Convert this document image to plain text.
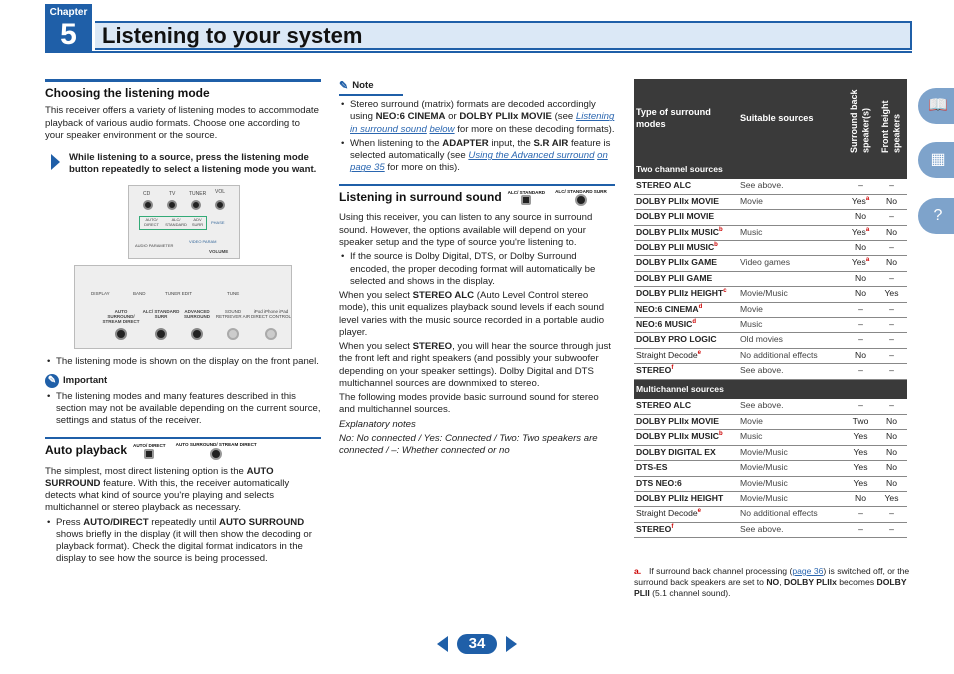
Chapter
5	Listening to your system
Choosing the listening mode

This receiver offers a variety of listening modes to accommodate playback of various audio formats. Choose one according to your speaker environment or the source.

While listening to a source, press the listening mode button repeatedly to select a listening mode you want.

CD	TV	TUNER VOL
AUTO/ DIRECT
ALC/ STANDARD
ADV SURR	PHASE
AUDIO PARAMETER
VIDEO PARAM
VOLUME
DISPLAY	BAND	TUNER EDIT	TUNE
AUTO SURROUND/ STREAM DIRECT
ALC/ STANDARD SURR
ADVANCED SURROUND
SOUND RETRIEVER AIR
iPod iPhone iPad DIRECT CONTROL
• The listening mode is shown on the display on the front panel.
✎ Important
• The listening modes and many features described in this section may not be available depending on the current source, settings and status of the receiver.
Auto playback AUTO/ DIRECT AUTO SURROUND/ STREAM DIRECT

The simplest, most direct listening option is the AUTO SURROUND feature. With this, the receiver automatically detects what kind of source you're playing and selects multichannel or stereo playback as necessary.

• Press AUTO/DIRECT repeatedly until AUTO SURROUND shows briefly in the display (it will then show the decoding or playback format). Check the digital format indicators in the display to see how the source is being processed.
✎ Note
• Stereo surround (matrix) formats are decoded accordingly using NEO:6 CINEMA or DOLBY PLIIx MOVIE (see Listening in surround sound below for more on these decoding formats).
• When listening to the ADAPTER input, the S.R AIR feature is selected automatically (see Using the Advanced surround on page 35 for more on this).
Listening in surround sound ALC/ STANDARD ALC/ STANDARD SURR

Using this receiver, you can listen to any source in surround sound. However, the options available will depend on your speaker setup and the type of source you're listening to.

• If the source is Dolby Digital, DTS, or Dolby Surround encoded, the proper decoding format will automatically be selected and shows in the display.

When you select STEREO ALC (Auto Level Control stereo mode), this unit equalizes playback sound levels if each sound level varies with the music source recorded in a portable audio player.

When you select STEREO, you will hear the source through just the front left and right speakers (and possibly your subwoofer depending on your speaker settings). Dolby Digital and DTS multichannel sources are downmixed to stereo.

The following modes provide basic surround sound for stereo and multichannel sources.

Explanatory notes

No: No connected / Yes: Connected / Two: Two speakers are connected / –: Whether connected or no

Type of surround modes	Suitable sources	Surround back speaker(s)	Front height speakers
Two channel sources			
STEREO ALC	See above.	–	–
DOLBY PLIIx MOVIE	Movie	Yes$^a$	No
DOLBY PLII MOVIE		No	–
DOLBY PLIIx MUSIC$^b$	Music	Yes$^a$	No
DOLBY PLII MUSIC$^b$		No	–
DOLBY PLIIx GAME	Video games	Yes$^a$	No
DOLBY PLII GAME		No	–
DOLBY PLIIz HEIGHT$^c$	Movie/Music	No	Yes
NEO:6 CINEMA$^d$	Movie	–	–
NEO:6 MUSIC$^d$	Music	–	–
DOLBY PRO LOGIC	Old movies	–	–
Straight Decode$^e$	No additional effects	No	–
STEREO$^f$	See above.	–	–
Multichannel sources			
STEREO ALC	See above.	–	–
DOLBY PLIIx MOVIE	Movie	Two	No
DOLBY PLIIx MUSIC$^b$	Music	Yes	No
DOLBY DIGITAL EX	Movie/Music	Yes	No
DTS-ES	Movie/Music	Yes	No
DTS NEO:6	Movie/Music	Yes	No
DOLBY PLIIz HEIGHT	Movie/Music	No	Yes
Straight Decode$^e$	No additional effects	–	–
STEREO$^f$	See above.	–	–
a. If surround back channel processing (page 36) is switched off, or the surround back speakers are set to NO, DOLBY PLIIx becomes DOLBY PLII (5.1 channel sound).
📖
▦
?
34
